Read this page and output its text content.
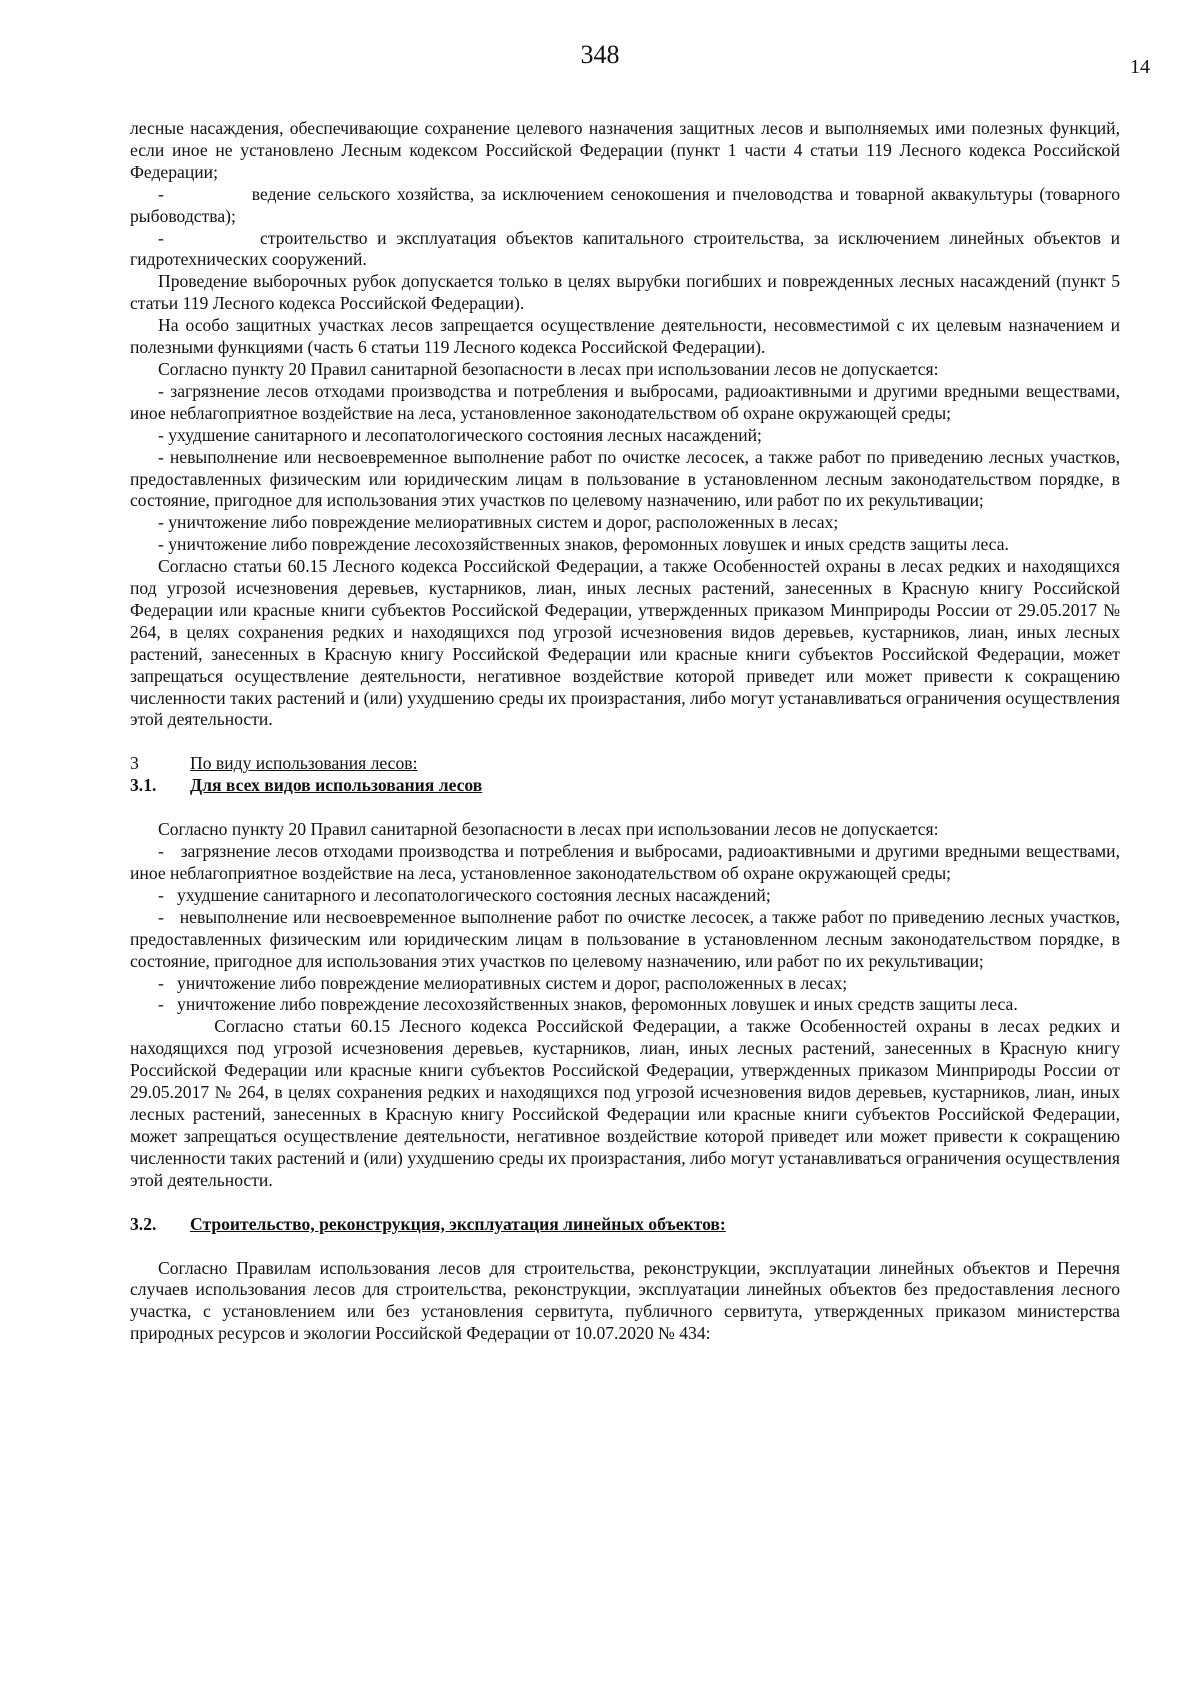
348	14

лесные насаждения, обеспечивающие сохранение целевого назначения защитных лесов и выполняемых ими полезных функций, если иное не установлено Лесным кодексом Российской Федерации (пункт 1 части 4 статьи 119 Лесного кодекса Российской Федерации;

-             ведение сельского хозяйства, за исключением сенокошения и пчеловодства и товарной аквакультуры (товарного рыбоводства);

-          строительство и эксплуатация объектов капитального строительства, за исключением линейных объектов и гидротехнических сооружений.

Проведение выборочных рубок допускается только в целях вырубки погибших и поврежденных лесных насаждений (пункт 5 статьи 119 Лесного кодекса Российской Федерации).

На особо защитных участках лесов запрещается осуществление деятельности, несовместимой с их целевым назначением и полезными функциями (часть 6 статьи 119 Лесного кодекса Российской Федерации).

Согласно пункту 20 Правил санитарной безопасности в лесах при использовании лесов не допускается:

- загрязнение лесов отходами производства и потребления и выбросами, радиоактивными и другими вредными веществами, иное неблагоприятное воздействие на леса, установленное законодательством об охране окружающей среды;

- ухудшение санитарного и лесопатологического состояния лесных насаждений;

- невыполнение или несвоевременное выполнение работ по очистке лесосек, а также работ по приведению лесных участков, предоставленных физическим или юридическим лицам в пользование в установленном лесным законодательством порядке, в состояние, пригодное для использования этих участков по целевому назначению, или работ по их рекультивации;

- уничтожение либо повреждение мелиоративных систем и дорог, расположенных в лесах;

- уничтожение либо повреждение лесохозяйственных знаков, феромонных ловушек и иных средств защиты леса.

Согласно статьи 60.15 Лесного кодекса Российской Федерации, а также Особенностей охраны в лесах редких и находящихся под угрозой исчезновения деревьев, кустарников, лиан, иных лесных растений, занесенных в Красную книгу Российской Федерации или красные книги субъектов Российской Федерации, утвержденных приказом Минприроды России от 29.05.2017 № 264, в целях сохранения редких и находящихся под угрозой исчезновения видов деревьев, кустарников, лиан, иных лесных растений, занесенных в Красную книгу Российской Федерации или красные книги субъектов Российской Федерации, может запрещаться осуществление деятельности, негативное воздействие которой приведет или может привести к сокращению численности таких растений и (или) ухудшению среды их произрастания, либо могут устанавливаться ограничения осуществления этой деятельности.

3	По виду использования лесов:
3.1.	Для всех видов использования лесов

Согласно пункту 20 Правил санитарной безопасности в лесах при использовании лесов не допускается:

-   загрязнение лесов отходами производства и потребления и выбросами, радиоактивными и другими вредными веществами, иное неблагоприятное воздействие на леса, установленное законодательством об охране окружающей среды;

-   ухудшение санитарного и лесопатологического состояния лесных насаждений;

-   невыполнение или несвоевременное выполнение работ по очистке лесосек, а также работ по приведению лесных участков, предоставленных физическим или юридическим лицам в пользование в установленном лесным законодательством порядке, в состояние, пригодное для использования этих участков по целевому назначению, или работ по их рекультивации;

-   уничтожение либо повреждение мелиоративных систем и дорог, расположенных в лесах;

-   уничтожение либо повреждение лесохозяйственных знаков, феромонных ловушек и иных средств защиты леса.

Согласно статьи 60.15 Лесного кодекса Российской Федерации, а также Особенностей охраны в лесах редких и находящихся под угрозой исчезновения деревьев, кустарников, лиан, иных лесных растений, занесенных в Красную книгу Российской Федерации или красные книги субъектов Российской Федерации, утвержденных приказом Минприроды России от 29.05.2017 № 264, в целях сохранения редких и находящихся под угрозой исчезновения видов деревьев, кустарников, лиан, иных лесных растений, занесенных в Красную книгу Российской Федерации или красные книги субъектов Российской Федерации, может запрещаться осуществление деятельности, негативное воздействие которой приведет или может привести к сокращению численности таких растений и (или) ухудшению среды их произрастания, либо могут устанавливаться ограничения осуществления этой деятельности.

3.2.	Строительство, реконструкция, эксплуатация линейных объектов:

Согласно Правилам использования лесов для строительства, реконструкции, эксплуатации линейных объектов и Перечня случаев использования лесов для строительства, реконструкции, эксплуатации линейных объектов без предоставления лесного участка, с установлением или без установления сервитута, публичного сервитута, утвержденных приказом министерства природных ресурсов и экологии Российской Федерации от 10.07.2020 № 434:
